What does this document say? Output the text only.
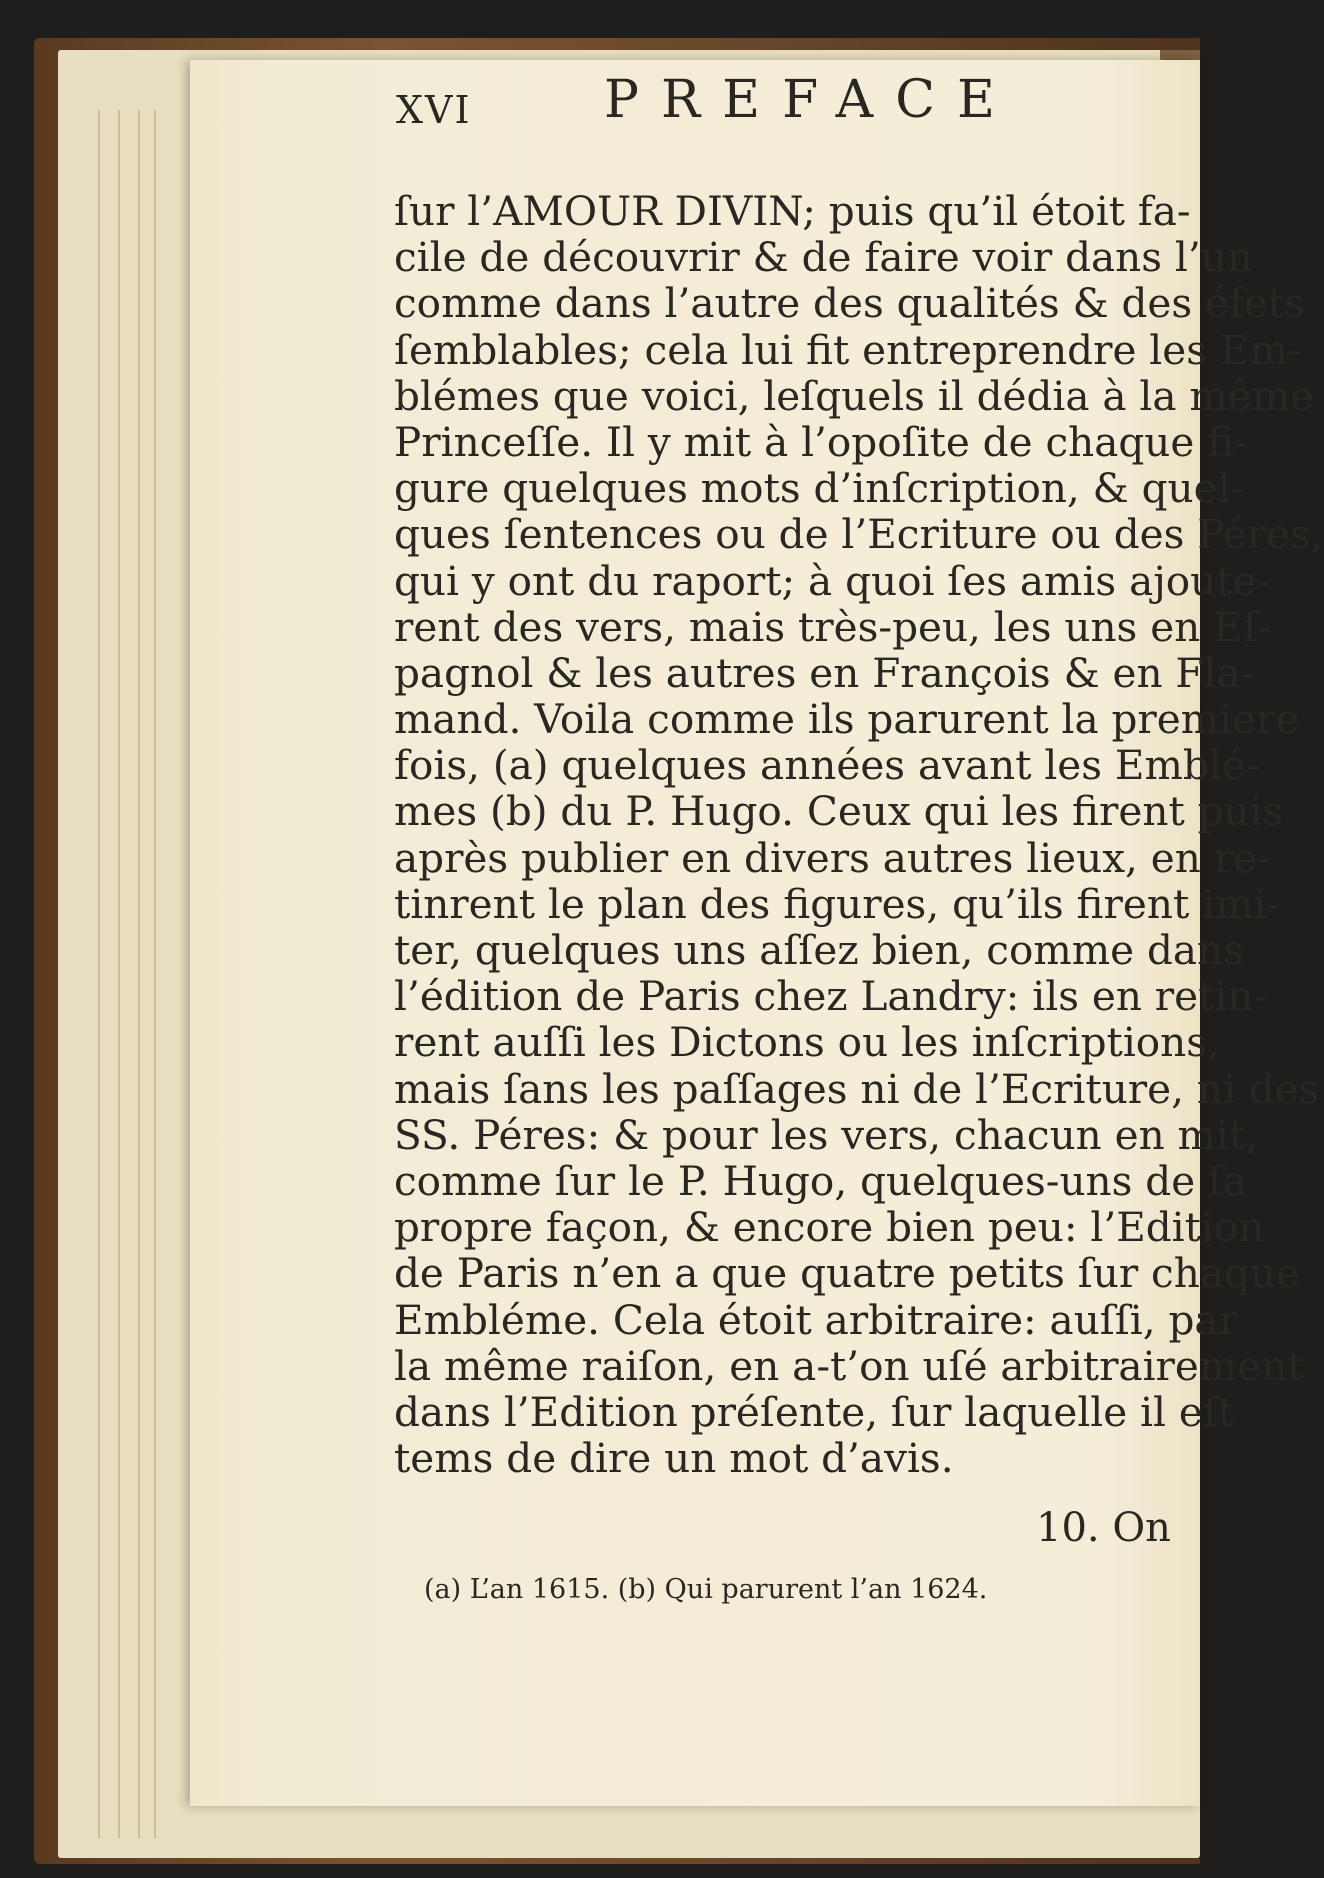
XVI	PREFACE
ſur l’AMOUR DIVIN; puis qu’il étoit fa-
cile de découvrir & de faire voir dans l’un
comme dans l’autre des qualités & des éfets
ſemblables; cela lui fit entreprendre les Em-
blémes que voici, leſquels il dédia à la même
Princeſſe. Il y mit à l’opoſite de chaque fi-
gure quelques mots d’inſcription, & quel-
ques ſentences ou de l’Ecriture ou des Péres,
qui y ont du raport; à quoi ſes amis ajoute-
rent des vers, mais très-peu, les uns en Eſ-
pagnol & les autres en François & en Fla-
mand. Voila comme ils parurent la premiere
fois, (a) quelques années avant les Emblé-
mes (b) du P. Hugo. Ceux qui les firent puis
après publier en divers autres lieux, en re-
tinrent le plan des figures, qu’ils firent imi-
ter, quelques uns aſſez bien, comme dans
l’édition de Paris chez Landry: ils en retin-
rent auſſi les Dictons ou les inſcriptions,
mais ſans les paſſages ni de l’Ecriture, ni des
SS. Péres: & pour les vers, chacun en mit,
comme ſur le P. Hugo, quelques-uns de ſa
propre façon, & encore bien peu: l’Edition
de Paris n’en a que quatre petits ſur chaque
Embléme. Cela étoit arbitraire: auſſi, par
la même raiſon, en a-t’on uſé arbitrairement
dans l’Edition préſente, ſur laquelle il eſt
tems de dire un mot d’avis.
10. On
(a) L’an 1615. (b) Qui parurent l’an 1624.
